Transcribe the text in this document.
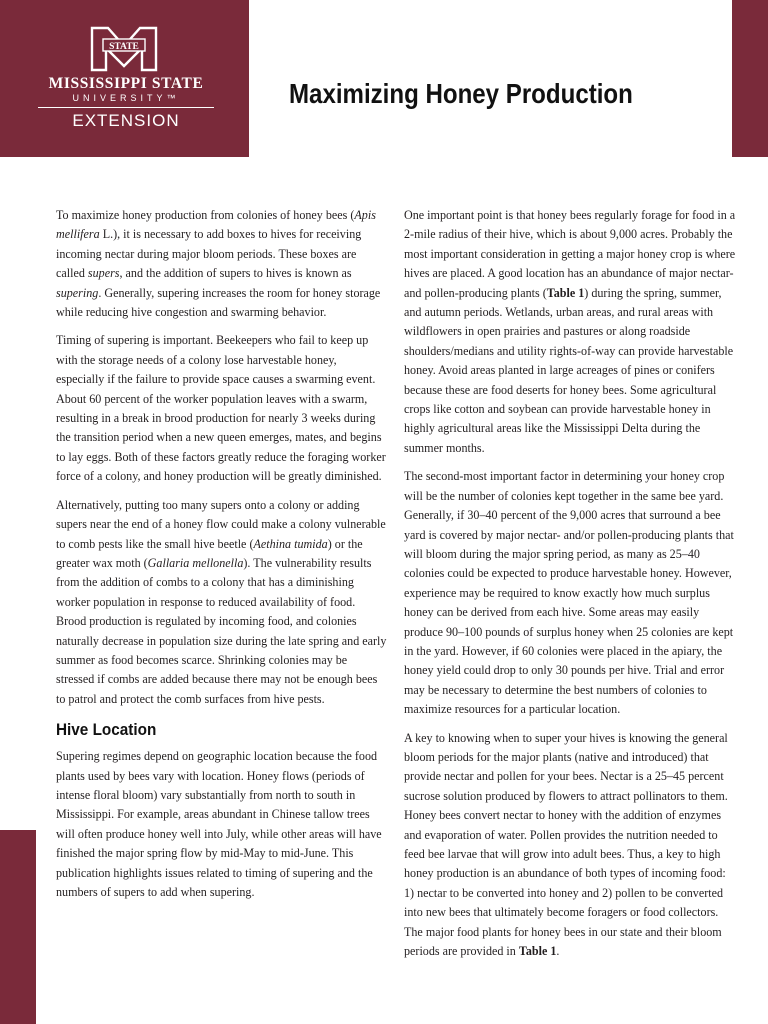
STATE
MISSISSIPPI STATE
UNIVERSITY™
EXTENSION
Maximizing Honey Production

To maximize honey production from colonies of honey bees (Apis mellifera L.), it is necessary to add boxes to hives for receiving incoming nectar during major bloom periods. These boxes are called supers, and the addition of supers to hives is known as supering. Generally, supering increases the room for honey storage while reducing hive congestion and swarming behavior.

Timing of supering is important. Beekeepers who fail to keep up with the storage needs of a colony lose harvestable honey, especially if the failure to provide space causes a swarming event. About 60 percent of the worker population leaves with a swarm, resulting in a break in brood production for nearly 3 weeks during the transition period when a new queen emerges, mates, and begins to lay eggs. Both of these factors greatly reduce the foraging worker force of a colony, and honey production will be greatly diminished.

Alternatively, putting too many supers onto a colony or adding supers near the end of a honey flow could make a colony vulnerable to comb pests like the small hive beetle (Aethina tumida) or the greater wax moth (Gallaria mellonella). The vulnerability results from the addition of combs to a colony that has a diminishing worker population in response to reduced availability of food. Brood production is regulated by incoming food, and colonies naturally decrease in population size during the late spring and early summer as food becomes scarce. Shrinking colonies may be stressed if combs are added because there may not be enough bees to patrol and protect the comb surfaces from hive pests.

Hive Location

Supering regimes depend on geographic location because the food plants used by bees vary with location. Honey flows (periods of intense floral bloom) vary substantially from north to south in Mississippi. For example, areas abundant in Chinese tallow trees will often produce honey well into July, while other areas will have finished the major spring flow by mid-May to mid-June. This publication highlights issues related to timing of supering and the numbers of supers to add when supering.

One important point is that honey bees regularly forage for food in a 2-mile radius of their hive, which is about 9,000 acres. Probably the most important consideration in getting a major honey crop is where hives are placed. A good location has an abundance of major nectar- and pollen-producing plants (Table 1) during the spring, summer, and autumn periods. Wetlands, urban areas, and rural areas with wildflowers in open prairies and pastures or along roadside shoulders/medians and utility rights-of-way can provide harvestable honey. Avoid areas planted in large acreages of pines or conifers because these are food deserts for honey bees. Some agricultural crops like cotton and soybean can provide harvestable honey in highly agricultural areas like the Mississippi Delta during the summer months.

The second-most important factor in determining your honey crop will be the number of colonies kept together in the same bee yard. Generally, if 30–40 percent of the 9,000 acres that surround a bee yard is covered by major nectar- and/or pollen-producing plants that will bloom during the major spring period, as many as 25–40 colonies could be expected to produce harvestable honey. However, experience may be required to know exactly how much surplus honey can be derived from each hive. Some areas may easily produce 90–100 pounds of surplus honey when 25 colonies are kept in the yard. However, if 60 colonies were placed in the apiary, the honey yield could drop to only 30 pounds per hive. Trial and error may be necessary to determine the best numbers of colonies to maximize resources for a particular location.

A key to knowing when to super your hives is knowing the general bloom periods for the major plants (native and introduced) that provide nectar and pollen for your bees. Nectar is a 25–45 percent sucrose solution produced by flowers to attract pollinators to them. Honey bees convert nectar to honey with the addition of enzymes and evaporation of water. Pollen provides the nutrition needed to feed bee larvae that will grow into adult bees. Thus, a key to high honey production is an abundance of both types of incoming food: 1) nectar to be converted into honey and 2) pollen to be converted into new bees that ultimately become foragers or food collectors. The major food plants for honey bees in our state and their bloom periods are provided in Table 1.
